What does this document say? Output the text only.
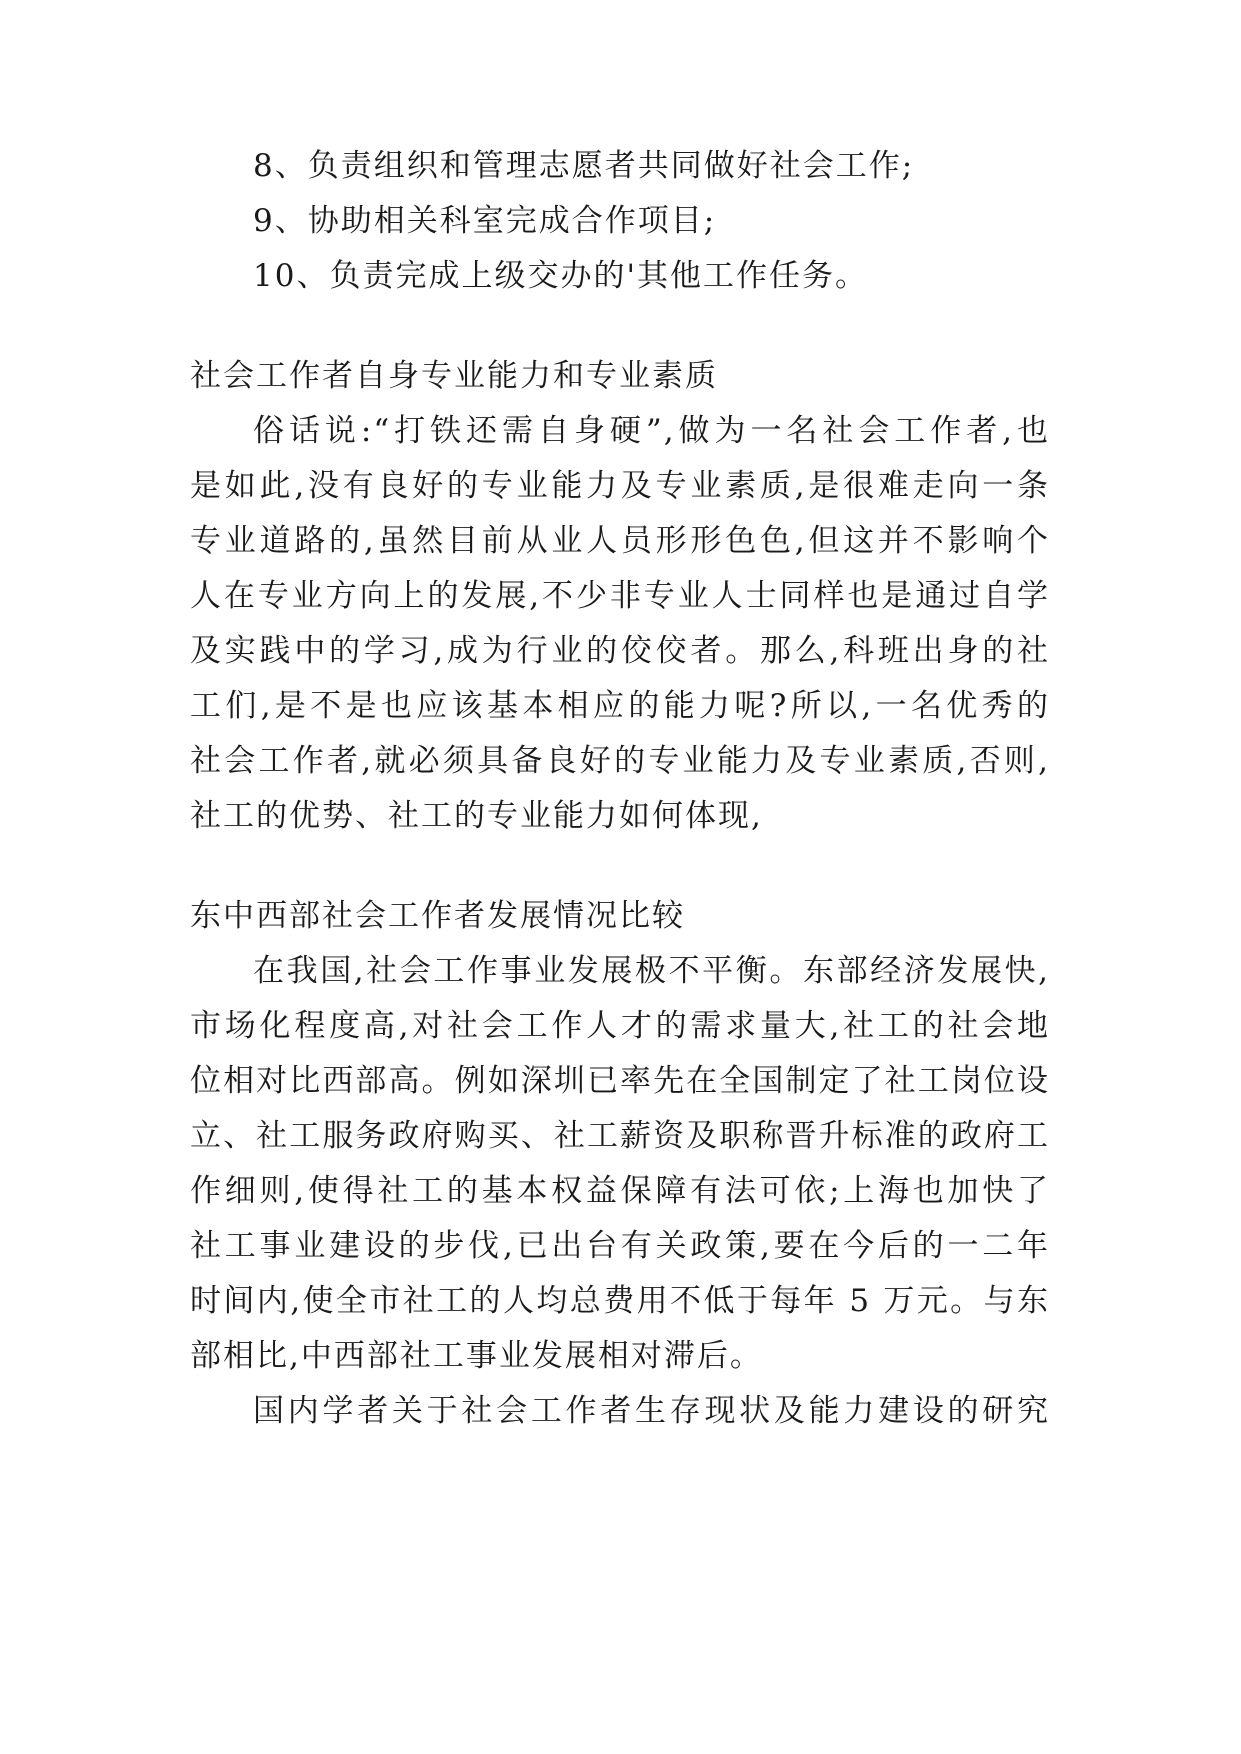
8、负责组织和管理志愿者共同做好社会工作;
9、协助相关科室完成合作项目;
10、负责完成上级交办的'其他工作任务。
社会工作者自身专业能力和专业素质
俗话说:“打铁还需自身硬”,做为一名社会工作者,也
是如此,没有良好的专业能力及专业素质,是很难走向一条
专业道路的,虽然目前从业人员形形色色,但这并不影响个
人在专业方向上的发展,不少非专业人士同样也是通过自学
及实践中的学习,成为行业的佼佼者。那么,科班出身的社
工们,是不是也应该基本相应的能力呢?所以,一名优秀的
社会工作者,就必须具备良好的专业能力及专业素质,否则,
社工的优势、社工的专业能力如何体现,
东中西部社会工作者发展情况比较
在我国,社会工作事业发展极不平衡。东部经济发展快,
市场化程度高,对社会工作人才的需求量大,社工的社会地
位相对比西部高。例如深圳已率先在全国制定了社工岗位设
立、社工服务政府购买、社工薪资及职称晋升标准的政府工
作细则,使得社工的基本权益保障有法可依;上海也加快了
社工事业建设的步伐,已出台有关政策,要在今后的一二年
时间内,使全市社工的人均总费用不低于每年 5 万元。与东
部相比,中西部社工事业发展相对滞后。
国内学者关于社会工作者生存现状及能力建设的研究
